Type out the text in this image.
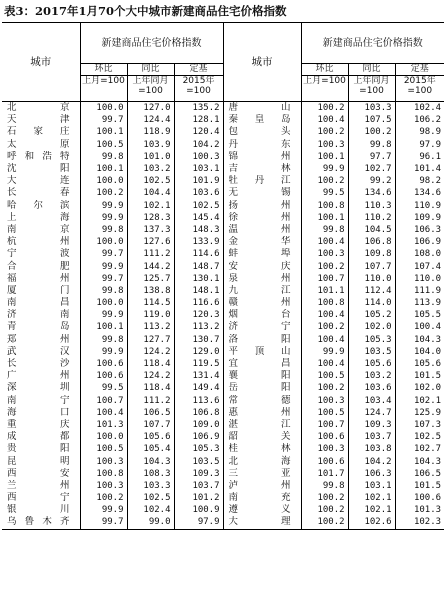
表3：2017年1月70个大中城市新建商品住宅价格指数
城市	新建商品住宅价格指数			城市	新建商品住宅价格指数		
	环比	同比	定基		环比	同比	定基
	上月=100	上年同月=100	2015年=100		上月=100	上年同月=100	2015年=100
北　京	100.0	127.0	135.2	唐　山	100.2	103.3	102.4
天　津	99.7	124.4	128.1	秦皇岛	100.4	107.5	106.2
石家庄	100.1	118.9	120.4	包　头	100.2	100.2	98.9
太　原	100.5	103.9	104.2	丹　东	100.3	99.8	97.9
呼和浩特	99.8	101.0	100.3	锦　州	100.1	97.7	96.1
沈　阳	100.1	103.2	103.1	吉　林	99.9	102.7	101.4
大　连	100.0	102.5	101.9	牡丹江	100.2	99.2	98.2
长　春	100.2	104.4	103.6	无　锡	99.5	134.6	134.6
哈尔滨	99.9	102.1	102.5	扬　州	100.8	110.3	110.9
上　海	99.9	128.3	145.4	徐　州	100.1	110.2	109.9
南　京	99.8	137.3	148.3	温　州	99.8	104.5	106.3
杭　州	100.0	127.6	133.9	金　华	100.4	106.8	106.9
宁　波	99.7	111.2	114.6	蚌　埠	100.3	109.8	108.0
合　肥	99.9	144.2	148.7	安　庆	100.2	107.7	107.4
福　州	99.7	125.7	130.1	泉　州	100.7	110.0	110.0
厦　门	99.8	138.8	148.1	九　江	101.1	112.4	111.9
南　昌	100.0	114.5	116.6	赣　州	100.8	114.0	113.9
济　南	99.9	119.0	120.3	烟　台	100.4	105.2	105.5
青　岛	100.1	113.2	113.2	济　宁	100.2	102.0	100.4
郑　州	99.8	127.7	130.7	洛　阳	100.4	105.3	104.3
武　汉	99.9	124.2	129.0	平顶山	99.9	103.5	104.0
长　沙	100.6	118.4	119.5	宜　昌	100.4	105.6	105.6
广　州	100.6	124.2	131.4	襄　阳	100.5	103.2	101.5
深　圳	99.5	118.4	149.4	岳　阳	100.2	103.6	102.0
南　宁	100.7	111.2	113.6	常　德	100.3	103.4	102.1
海　口	100.4	106.5	106.8	惠　州	100.5	124.7	125.9
重　庆	101.3	107.7	109.0	湛　江	100.7	109.3	107.3
成　都	100.0	105.6	106.9	韶　关	100.6	103.7	102.5
贵　阳	100.5	105.4	105.3	桂　林	100.3	103.8	102.7
昆　明	100.3	104.3	103.5	北　海	100.6	104.2	104.3
西　安	100.8	108.3	109.3	三　亚	101.7	106.3	106.5
兰　州	100.3	103.3	103.7	泸　州	99.8	103.1	101.5
西　宁	100.2	102.5	101.2	南　充	100.2	102.1	100.6
银　川	99.9	102.4	100.9	遵　义	100.2	102.1	101.3
乌鲁木齐	99.7	99.0	97.9	大　理	100.2	102.6	102.3
